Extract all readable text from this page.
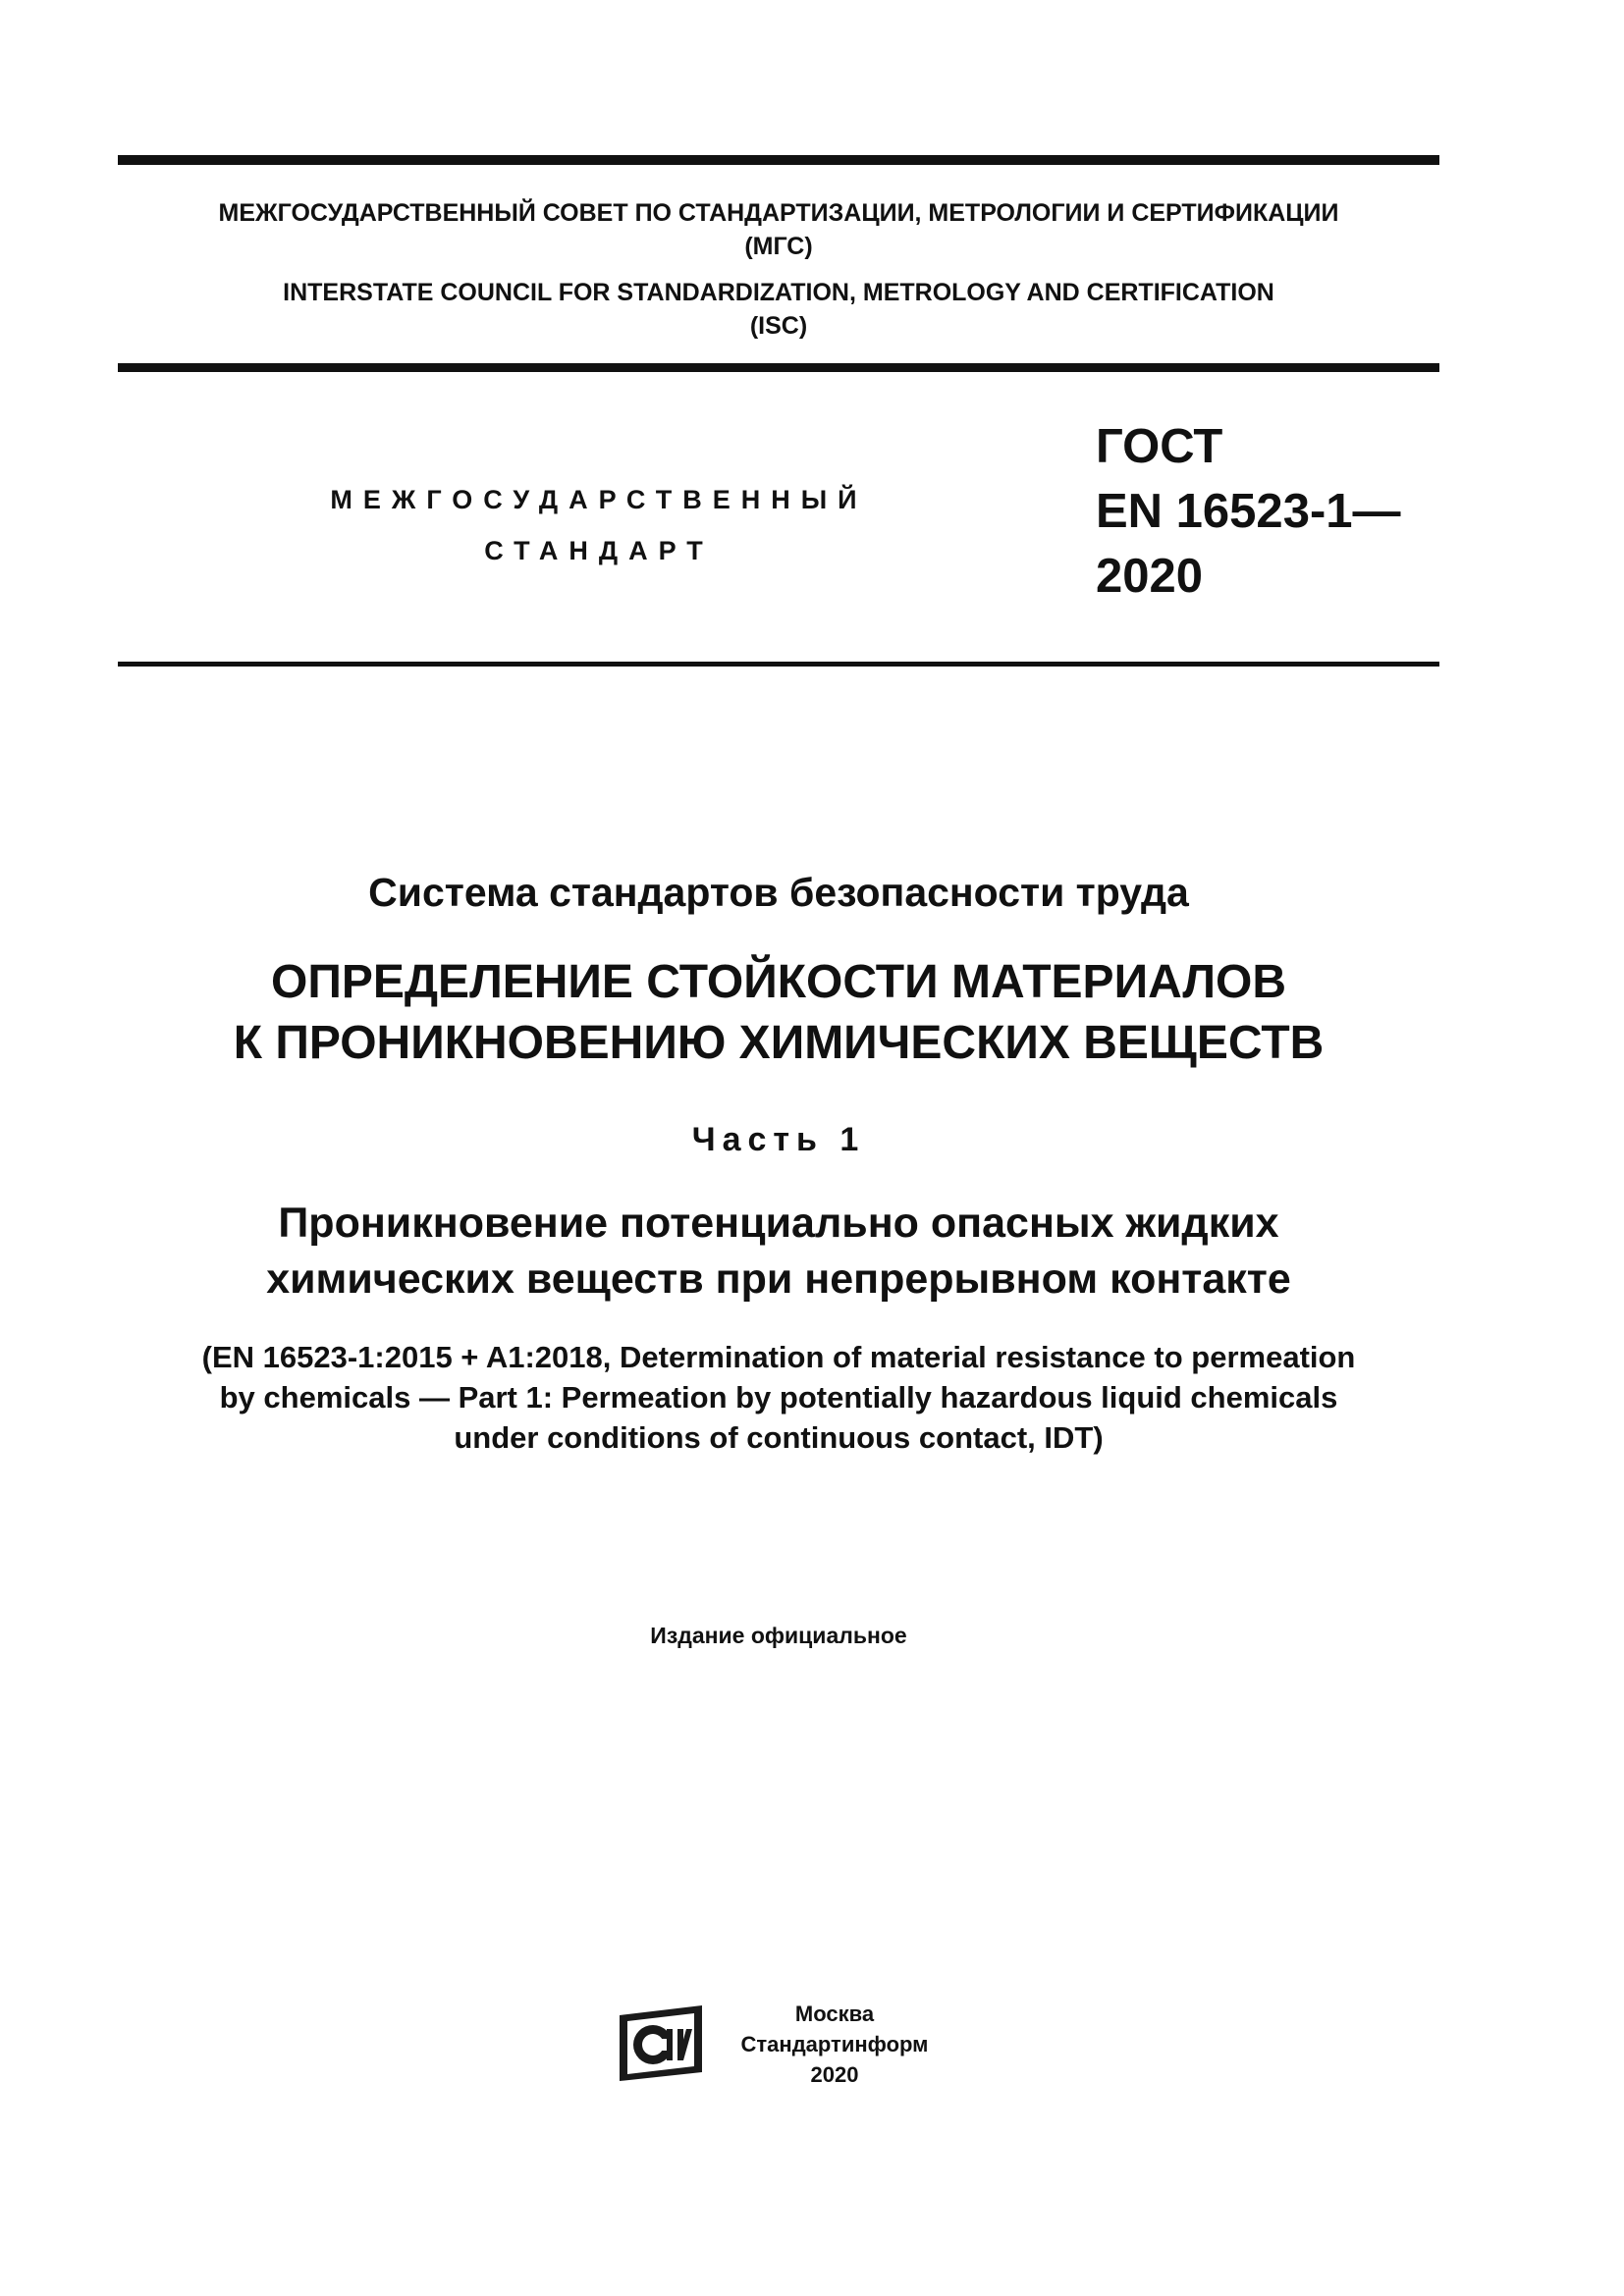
МЕЖГОСУДАРСТВЕННЫЙ СОВЕТ ПО СТАНДАРТИЗАЦИИ, МЕТРОЛОГИИ И СЕРТИФИКАЦИИ
(МГС)
INTERSTATE COUNCIL FOR STANDARDIZATION, METROLOGY AND CERTIFICATION
(ISC)
МЕЖГОСУДАРСТВЕННЫЙ
СТАНДАРТ
ГОСТ
EN 16523-1—
2020
Система стандартов безопасности труда
ОПРЕДЕЛЕНИЕ СТОЙКОСТИ МАТЕРИАЛОВ
К ПРОНИКНОВЕНИЮ ХИМИЧЕСКИХ ВЕЩЕСТВ
Часть 1
Проникновение потенциально опасных жидких
химических веществ при непрерывном контакте
(EN 16523-1:2015 + A1:2018, Determination of material resistance to permeation
by chemicals — Part 1: Permeation by potentially hazardous liquid chemicals
under conditions of continuous contact, IDT)
Издание официальное
Москва
Стандартинформ
2020
